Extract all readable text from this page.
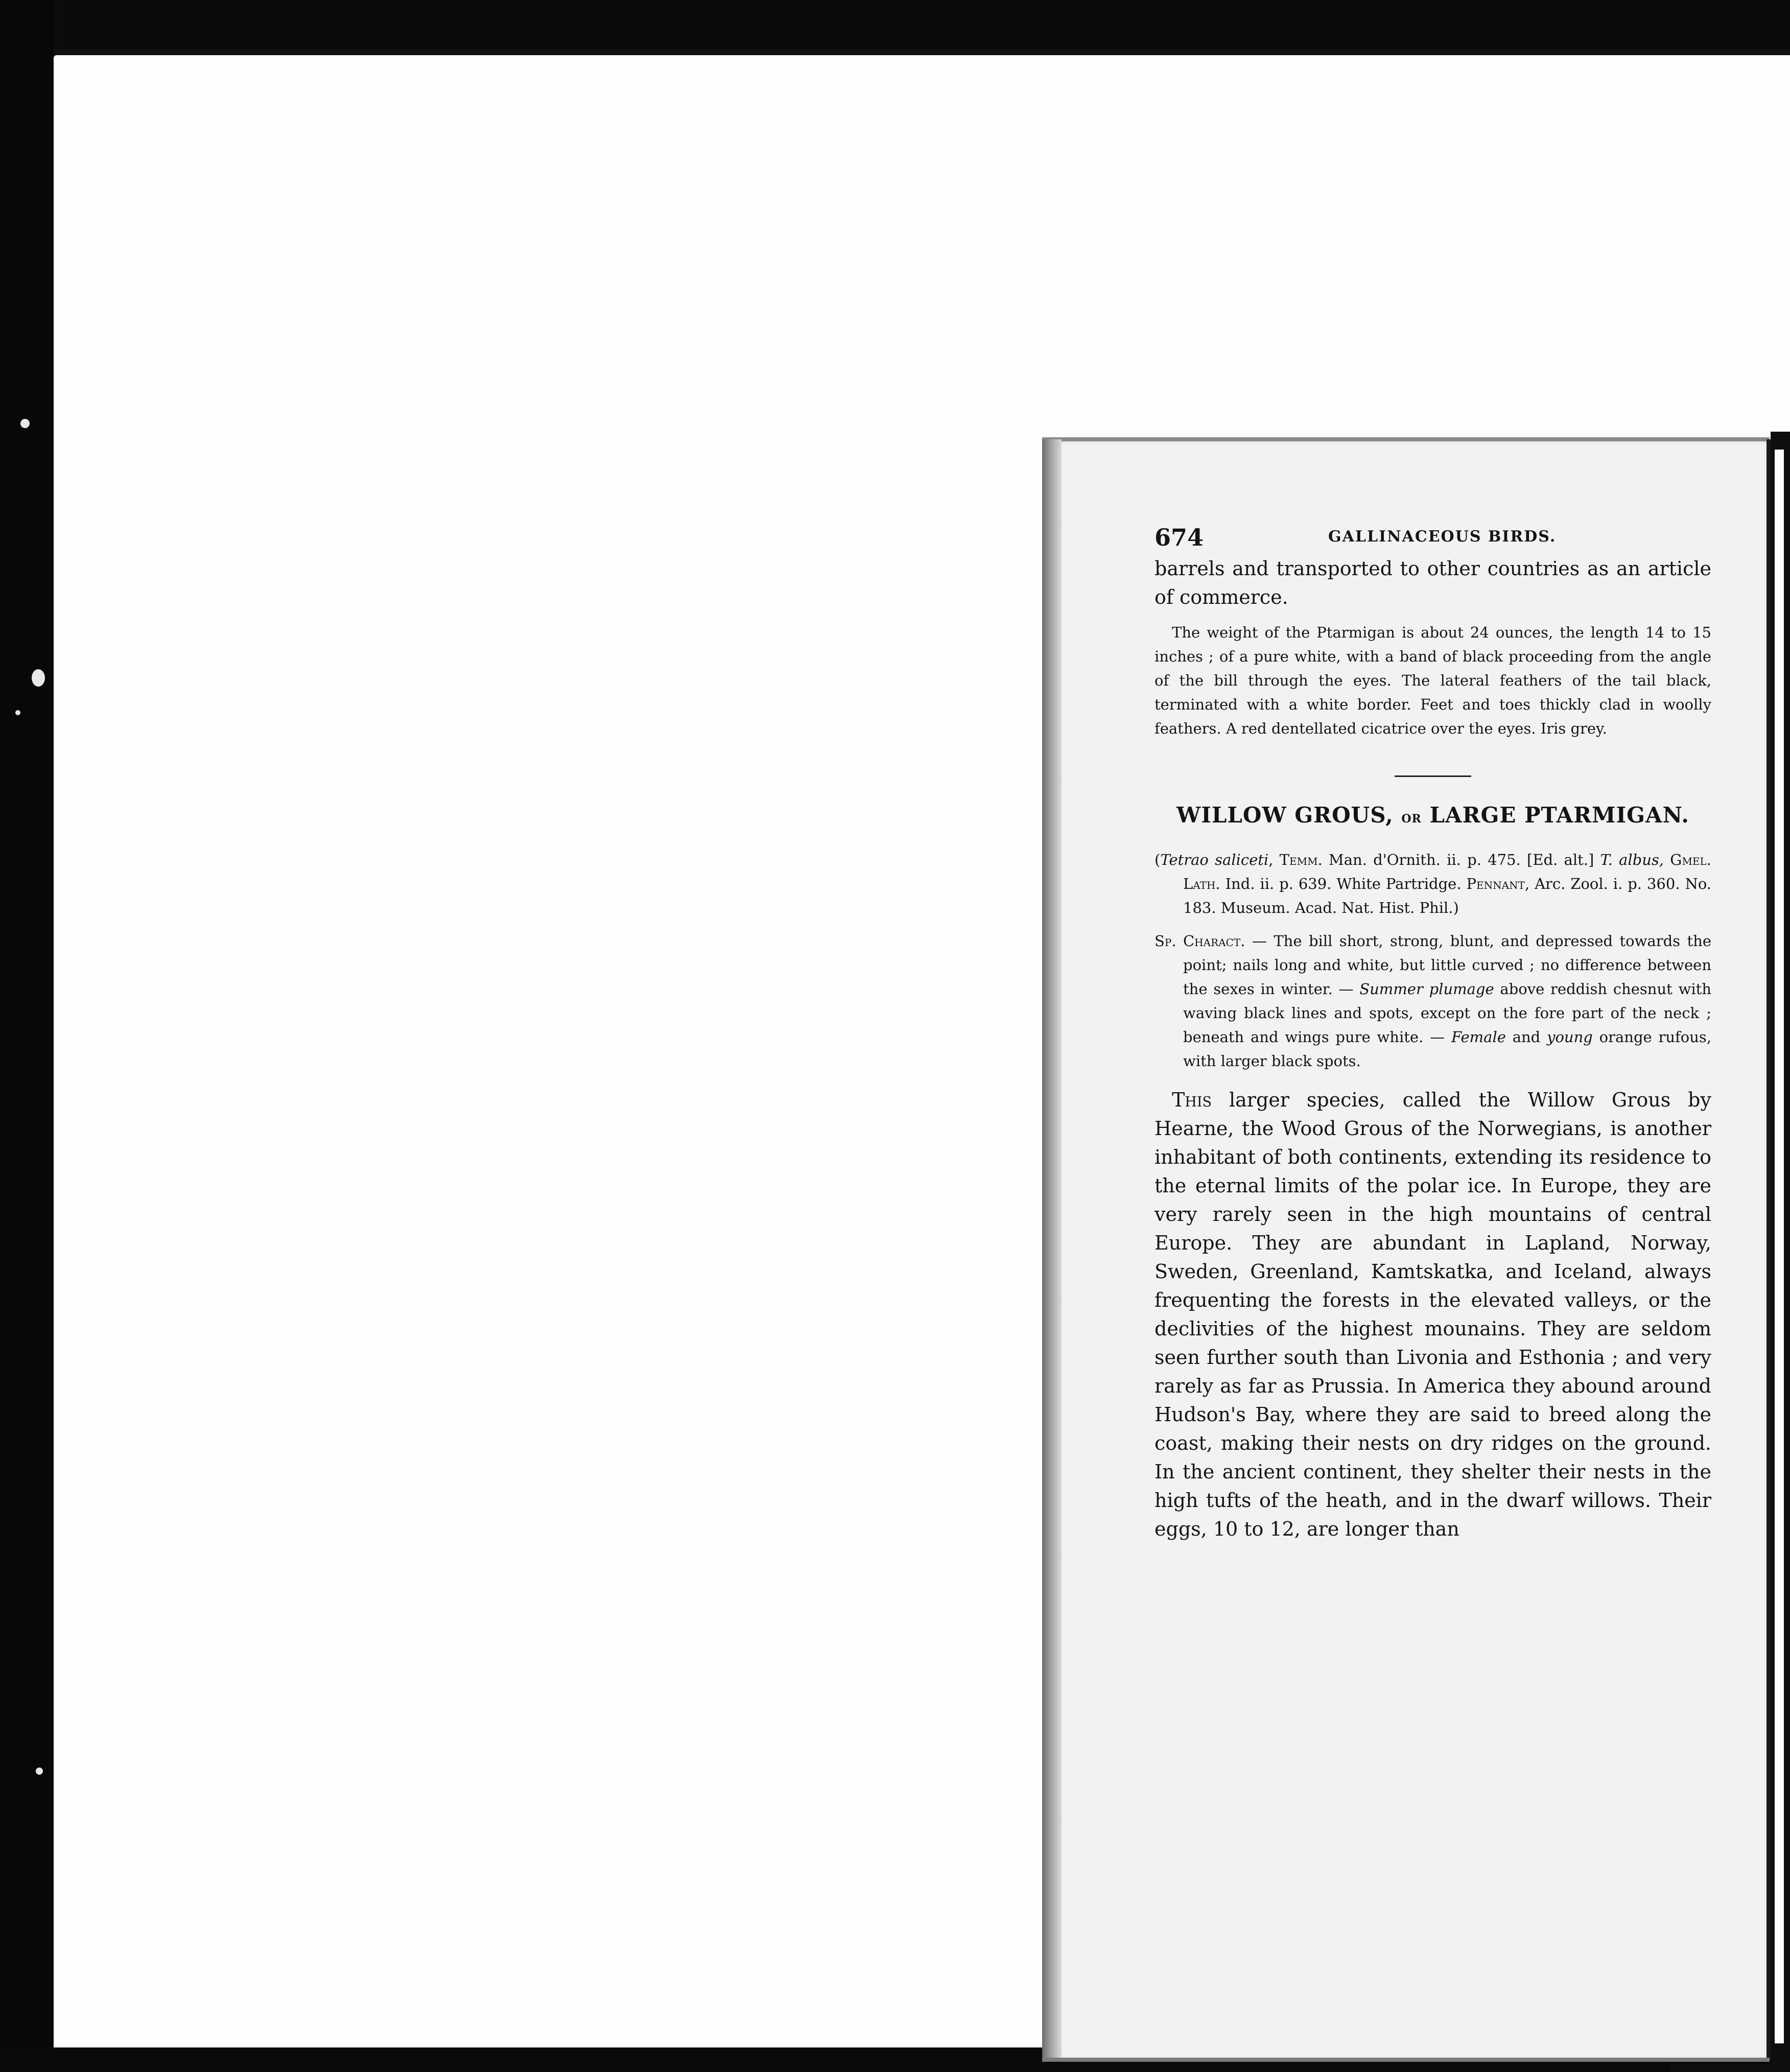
674	GALLINACEOUS BIRDS.

barrels and transported to other countries as an article of commerce.

The weight of the Ptarmigan is about 24 ounces, the length 14 to 15 inches ; of a pure white, with a band of black proceeding from the angle of the bill through the eyes. The lateral feathers of the tail black, terminated with a white border. Feet and toes thickly clad in woolly feathers. A red dentellated cicatrice over the eyes. Iris grey.

WILLOW GROUS, or LARGE PTARMIGAN.

(Tetrao saliceti, Temm. Man. d'Ornith. ii. p. 475. [Ed. alt.] T. albus, Gmel. Lath. Ind. ii. p. 639. White Partridge. Pennant, Arc. Zool. i. p. 360. No. 183. Museum. Acad. Nat. Hist. Phil.)

Sp. Charact. — The bill short, strong, blunt, and depressed towards the point; nails long and white, but little curved ; no difference between the sexes in winter. — Summer plumage above reddish chesnut with waving black lines and spots, except on the fore part of the neck ; beneath and wings pure white. — Female and young orange rufous, with larger black spots.

This larger species, called the Willow Grous by Hearne, the Wood Grous of the Norwegians, is another inhabitant of both continents, extending its residence to the eternal limits of the polar ice. In Europe, they are very rarely seen in the high mountains of central Europe. They are abundant in Lapland, Norway, Sweden, Greenland, Kamtskatka, and Iceland, always frequenting the forests in the elevated valleys, or the declivities of the highest mounains. They are seldom seen further south than Livonia and Esthonia ; and very rarely as far as Prussia. In America they abound around Hudson's Bay, where they are said to breed along the coast, making their nests on dry ridges on the ground. In the ancient continent, they shelter their nests in the high tufts of the heath, and in the dwarf willows. Their eggs, 10 to 12, are longer than
